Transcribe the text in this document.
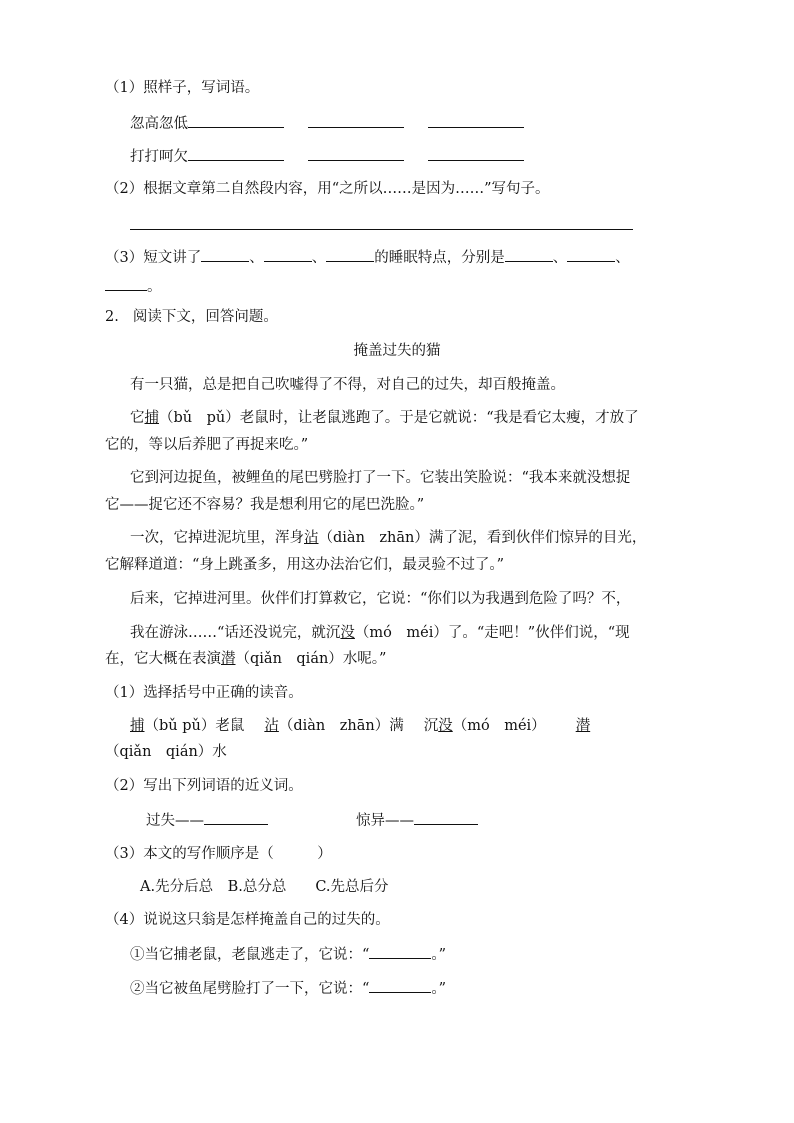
（1）照样子，写词语。
忽高忽低
打打呵欠
（2）根据文章第二自然段内容，用“之所以……是因为……”写句子。
（3）短文讲了	、	、	的睡眠特点，分别是	、	、
。
2. 阅读下文，回答问题。
掩盖过失的猫
有一只猫，总是把自己吹嘘得了不得，对自己的过失，却百般掩盖。
它捕（bǔ　pǔ）老鼠时，让老鼠逃跑了。于是它就说：“我是看它太瘦，才放了
它的，等以后养肥了再捉来吃。”
它到河边捉鱼，被鲤鱼的尾巴劈脸打了一下。它装出笑脸说：“我本来就没想捉
它——捉它还不容易？我是想利用它的尾巴洗脸。”
一次，它掉进泥坑里，浑身沾（diàn　zhān）满了泥，看到伙伴们惊异的目光，
它解释道道：“身上跳蚤多，用这办法治它们，最灵验不过了。”
后来，它掉进河里。伙伴们打算救它，它说：“你们以为我遇到危险了吗？不，
我在游泳……“话还没说完，就沉没（mó　méi）了。“走吧！”伙伴们说，“现
在，它大概在表演潜（qiǎn　qián）水呢。”
（1）选择括号中正确的读音。
捕（bǔ pǔ）老鼠 沾（diàn　zhān）满 沉没（mó　méi） 潜
（qiǎn　qián）水
（2）写出下列词语的近义词。
过失——	惊异——
（3）本文的写作顺序是（　　　）
A.先分后总　B.总分总　　C.先总后分
（4）说说这只翁是怎样掩盖自己的过失的。
①当它捕老鼠，老鼠逃走了，它说：“	。”
②当它被鱼尾劈脸打了一下，它说：“	。”
